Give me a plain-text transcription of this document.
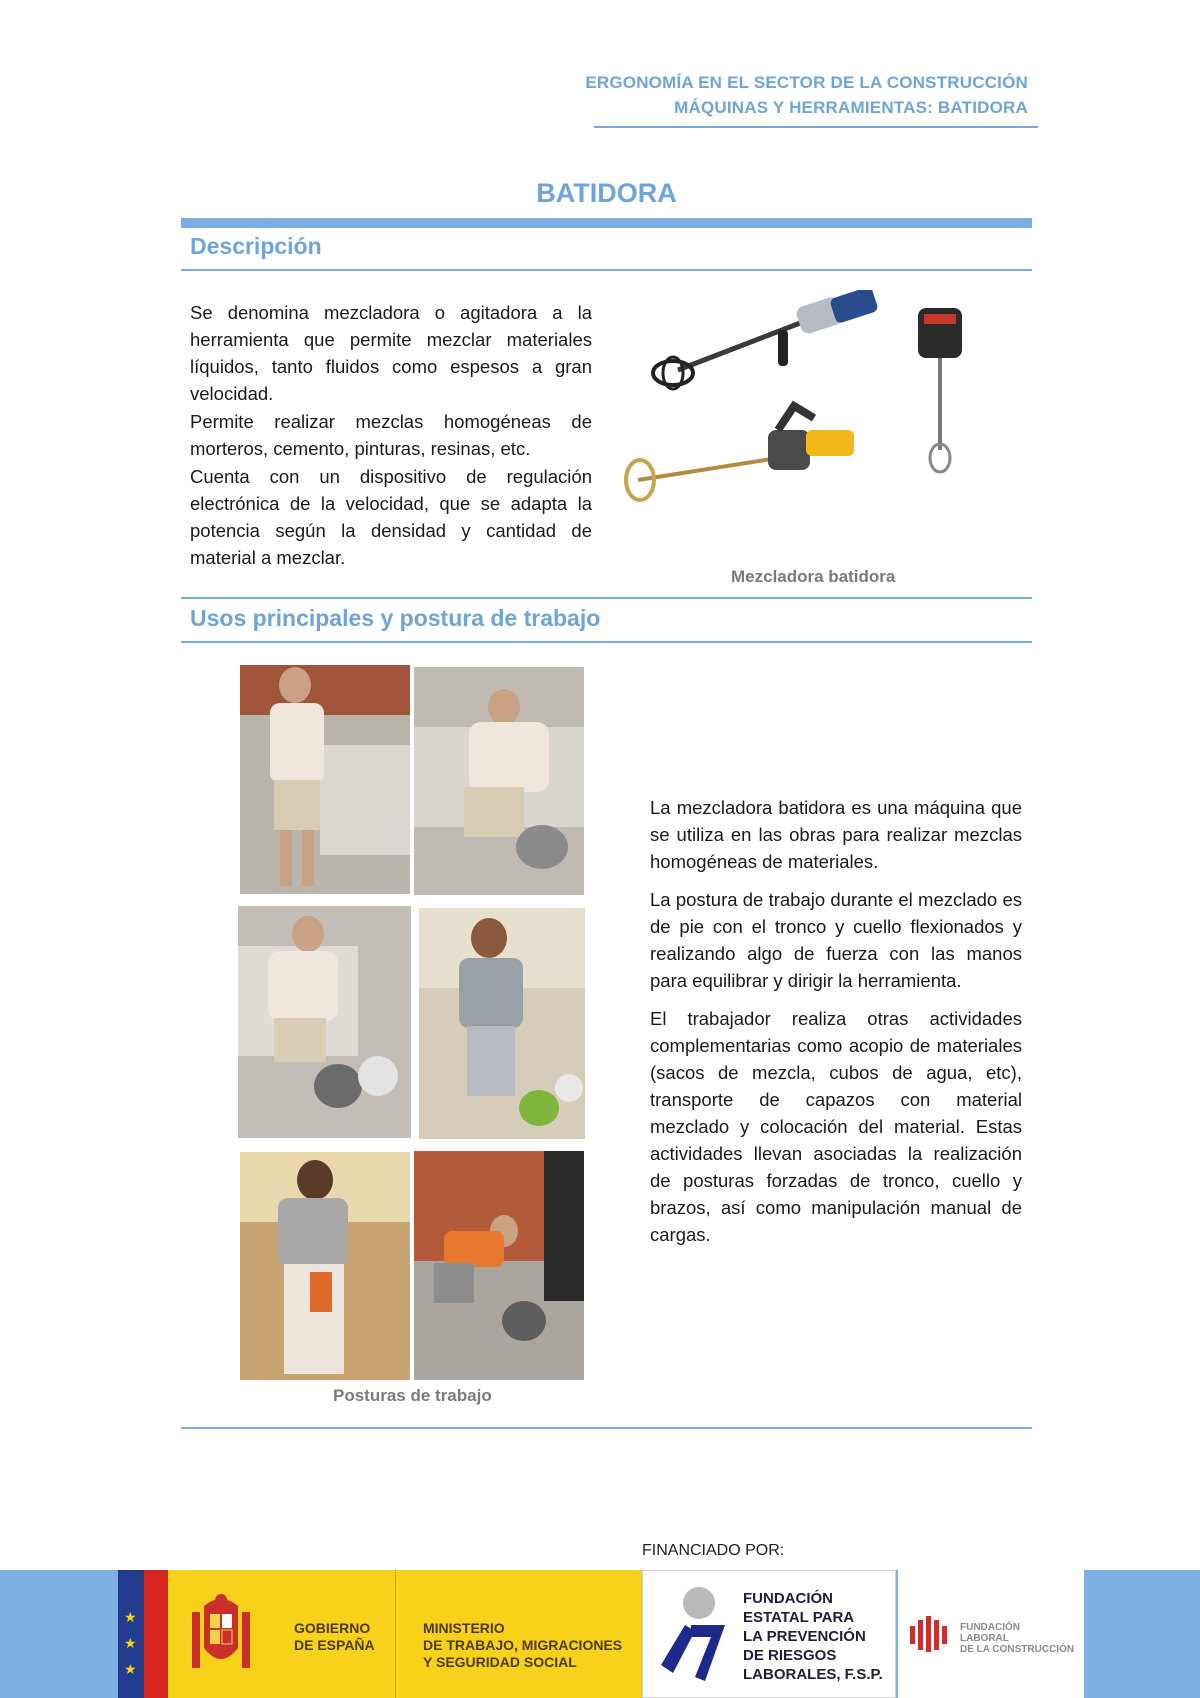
ERGONOMÍA EN EL SECTOR DE LA CONSTRUCCIÓN
MÁQUINAS Y HERRAMIENTAS: BATIDORA
BATIDORA
Descripción

Se denomina mezcladora o agitadora a la herramienta que permite mezclar materiales líquidos, tanto fluidos como espesos a gran velocidad.

Permite realizar mezclas homogéneas de morteros, cemento, pinturas, resinas, etc.

Cuenta con un dispositivo de regulación electrónica de la velocidad, que se adapta la potencia según la densidad y cantidad de material a mezclar.

Mezcladora batidora
Usos principales y postura de trabajo
Posturas de trabajo

La mezcladora batidora es una máquina que se utiliza en las obras para realizar mezclas homogéneas de materiales.

La postura de trabajo durante el mezclado es de pie con el tronco y cuello flexionados y realizando algo de fuerza con las manos para equilibrar y dirigir la herramienta.

El trabajador realiza otras actividades complementarias como acopio de materiales (sacos de mezcla, cubos de agua, etc), transporte de capazos con material mezclado y colocación del material. Estas actividades llevan asociadas la realización de posturas forzadas de tronco, cuello y brazos, así como manipulación manual de cargas.

FINANCIADO POR:
★
★
★
GOBIERNO
DE ESPAÑA
MINISTERIO
DE TRABAJO, MIGRACIONES
Y SEGURIDAD SOCIAL
FUNDACIÓN
ESTATAL PARA
LA PREVENCIÓN
DE RIESGOS
LABORALES, F.S.P.
FUNDACIÓN
LABORAL
DE LA CONSTRUCCIÓN
